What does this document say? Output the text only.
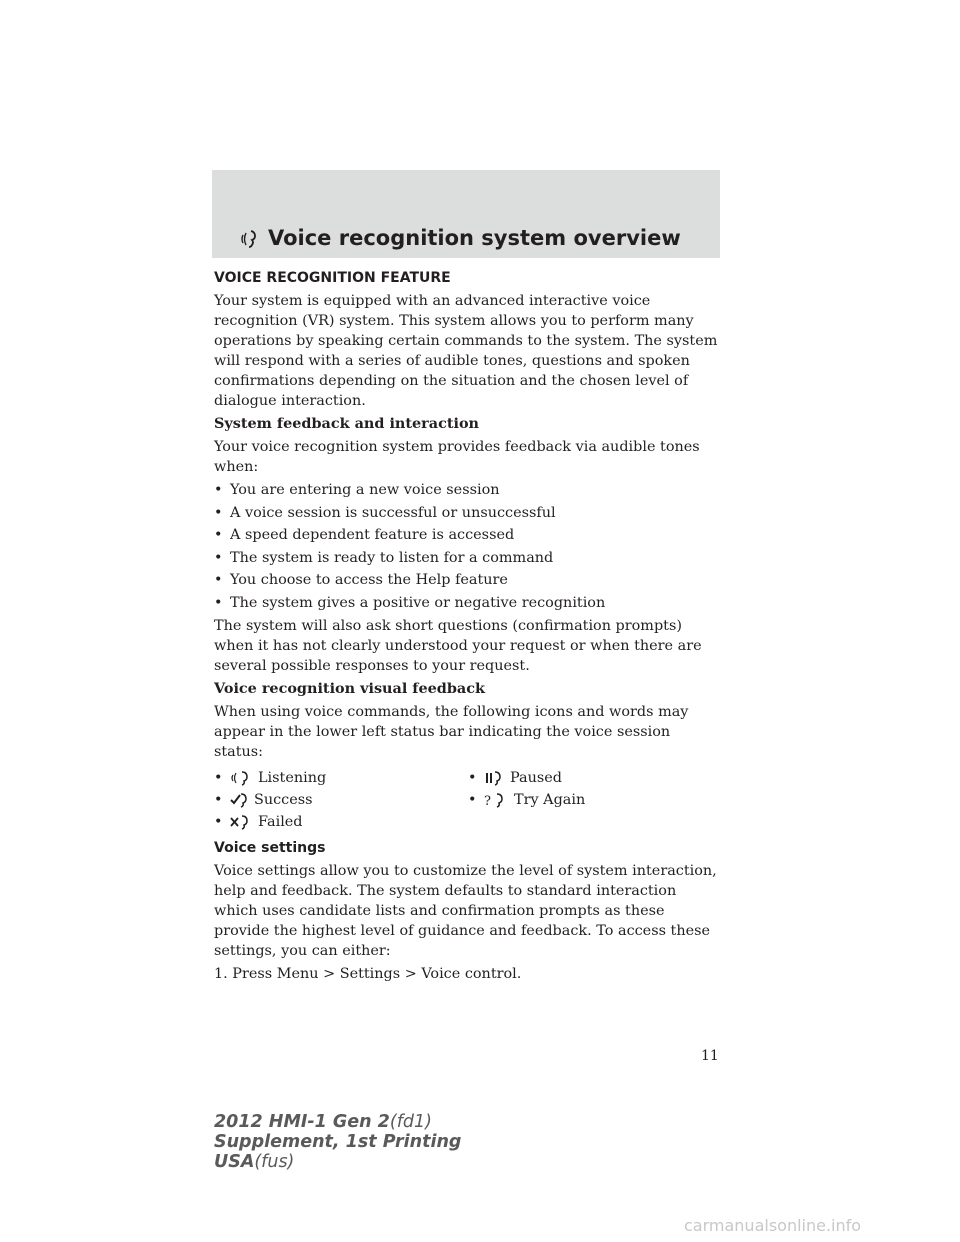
Voice recognition system overview
VOICE RECOGNITION FEATURE

Your system is equipped with an advanced interactive voice recognition (VR) system. This system allows you to perform many operations by speaking certain commands to the system. The system will respond with a series of audible tones, questions and spoken confirmations depending on the situation and the chosen level of dialogue interaction.

System feedback and interaction

Your voice recognition system provides feedback via audible tones when:

• You are entering a new voice session
• A voice session is successful or unsuccessful
• A speed dependent feature is accessed
• The system is ready to listen for a command
• You choose to access the Help feature
• The system gives a positive or negative recognition

The system will also ask short questions (confirmation prompts) when it has not clearly understood your request or when there are several possible responses to your request.

Voice recognition visual feedback

When using voice commands, the following icons and words may appear in the lower left status bar indicating the voice session status:

•	Listening	•	Paused
•	Success	• ? Try Again
•	Failed
Voice settings

Voice settings allow you to customize the level of system interaction, help and feedback. The system defaults to standard interaction which uses candidate lists and confirmation prompts as these provide the highest level of guidance and feedback. To access these settings, you can either:

1. Press Menu > Settings > Voice control.

11
2012 HMI-1 Gen 2(fd1)
Supplement, 1st Printing
USA(fus)
carmanualsonline.info
